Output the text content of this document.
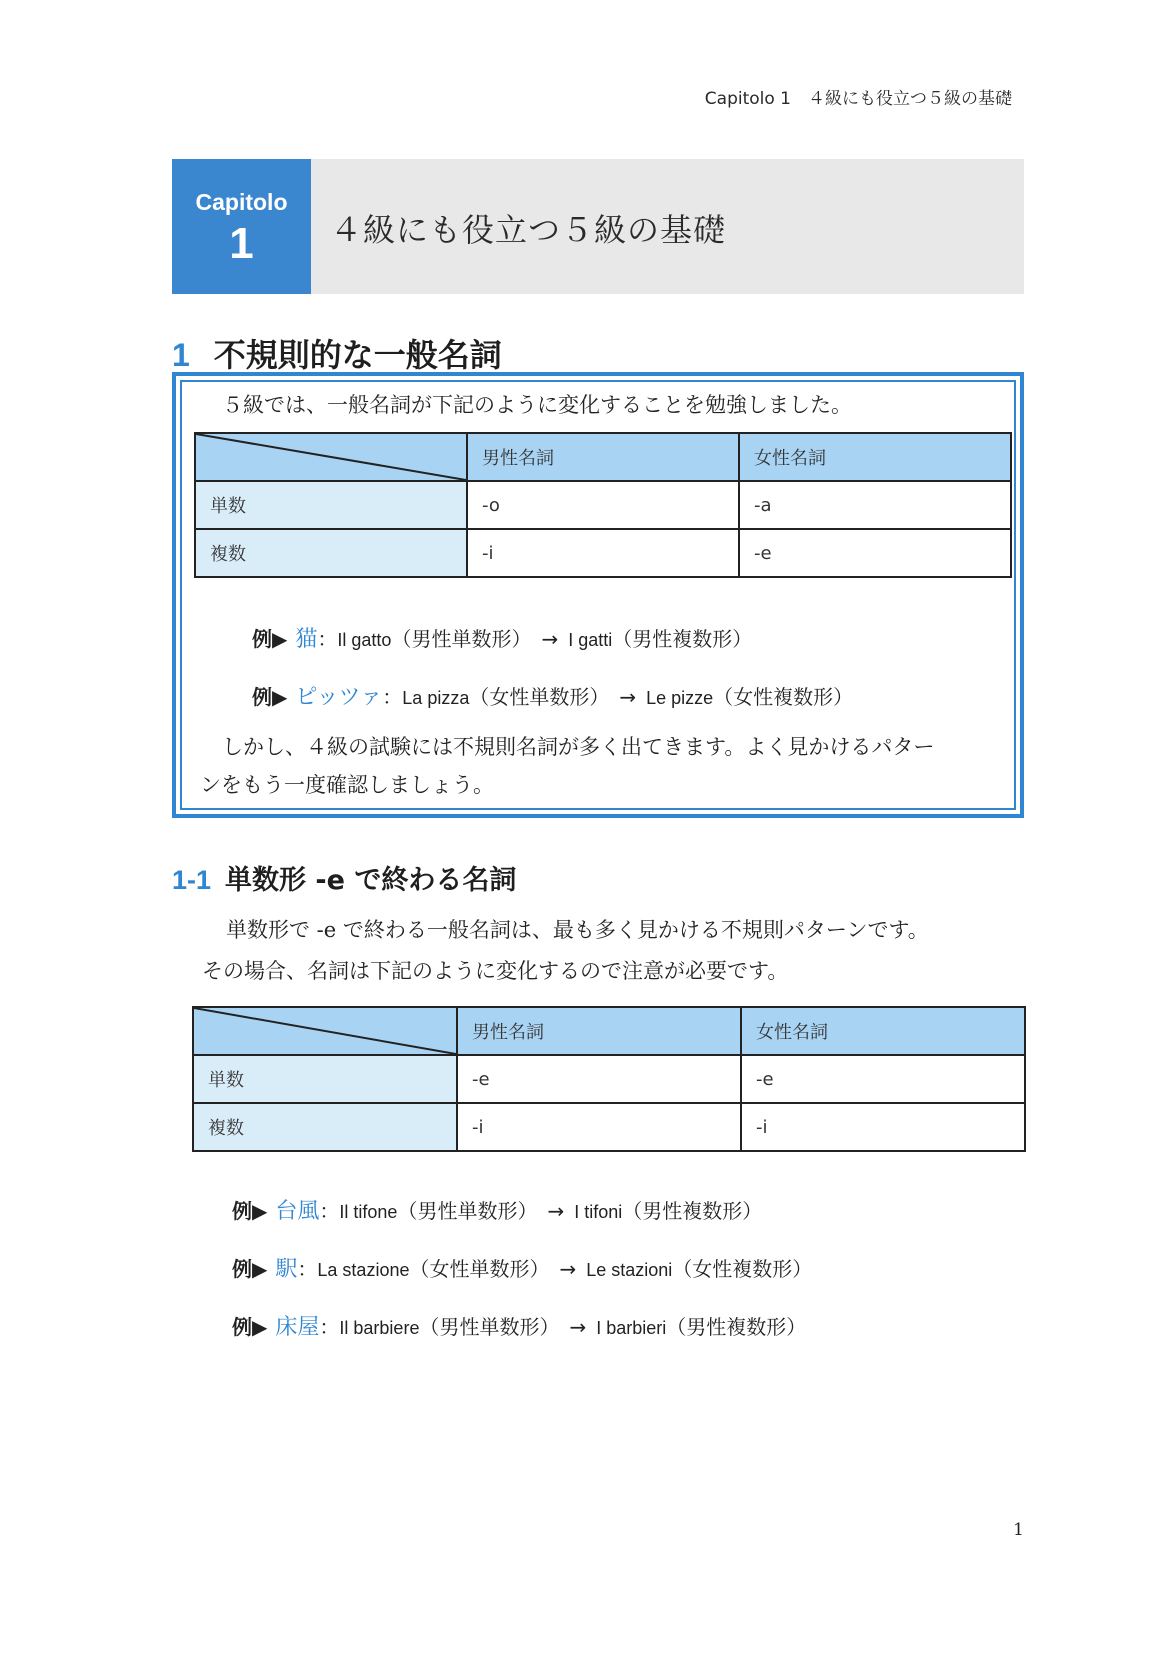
Capitolo 1　４級にも役立つ５級の基礎
Capitolo
1	４級にも役立つ５級の基礎
1 不規則的な一般名詞
５級では、一般名詞が下記のように変化することを勉強しました。
	男性名詞	女性名詞
単数	-o	-a
複数	-i	-e
例▶ 猫：Il gatto（男性単数形） → I gatti（男性複数形）
例▶ ピッツァ：La pizza（女性単数形） → Le pizze（女性複数形）
しかし、４級の試験には不規則名詞が多く出てきます。よく見かけるパター
ンをもう一度確認しましょう。
1-1 単数形 -e で終わる名詞
単数形で -e で終わる一般名詞は、最も多く見かける不規則パターンです。
その場合、名詞は下記のように変化するので注意が必要です。
	男性名詞	女性名詞
単数	-e	-e
複数	-i	-i
例▶ 台風：Il tifone（男性単数形） → I tifoni（男性複数形）
例▶ 駅：La stazione（女性単数形） → Le stazioni（女性複数形）
例▶ 床屋：Il barbiere（男性単数形） → I barbieri（男性複数形）
1
